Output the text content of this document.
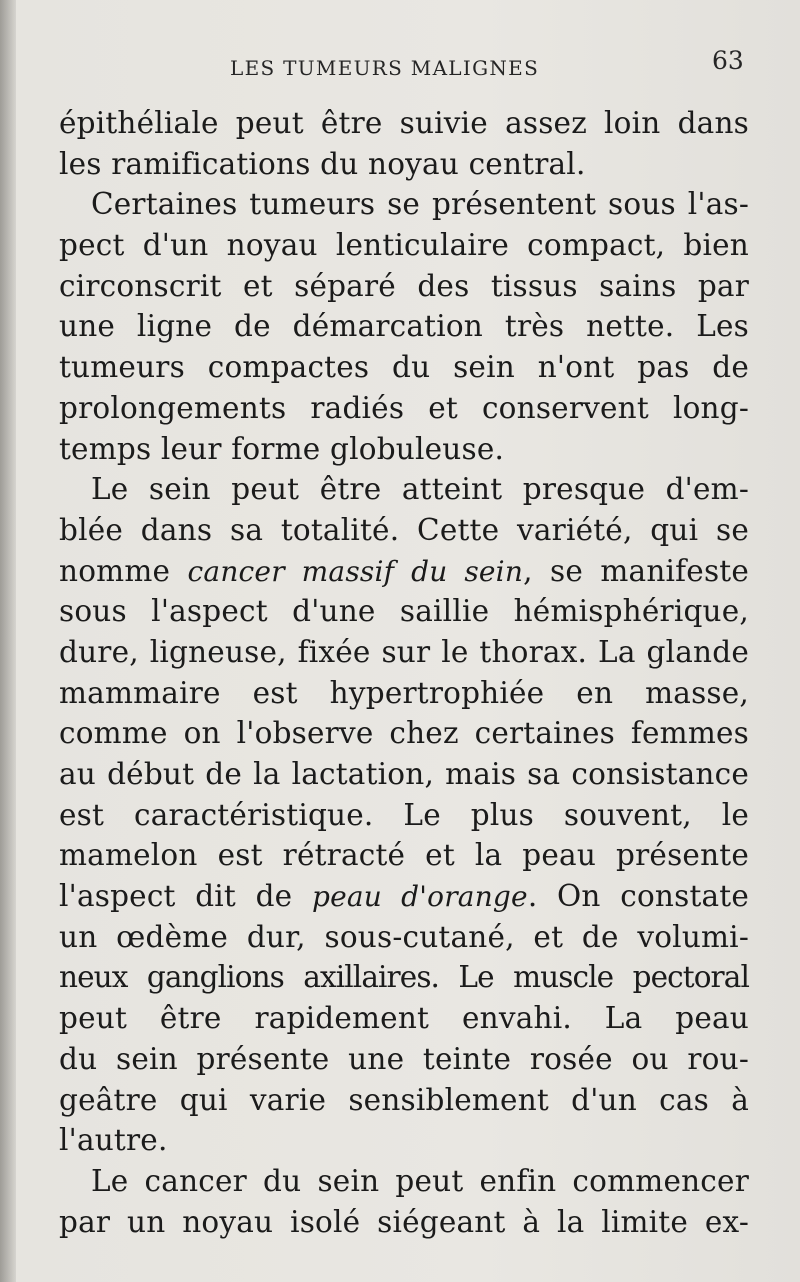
LES TUMEURS MALIGNES	63
épithéliale peut être suivie assez loin dans
les ramifications du noyau central.
Certaines tumeurs se présentent sous l'as-
pect d'un noyau lenticulaire compact, bien
circonscrit et séparé des tissus sains par
une ligne de démarcation très nette. Les
tumeurs compactes du sein n'ont pas de
prolongements radiés et conservent long-
temps leur forme globuleuse.
Le sein peut être atteint presque d'em-
blée dans sa totalité. Cette variété, qui se
nomme cancer massif du sein, se manifeste
sous l'aspect d'une saillie hémisphérique,
dure, ligneuse, fixée sur le thorax. La glande
mammaire est hypertrophiée en masse,
comme on l'observe chez certaines femmes
au début de la lactation, mais sa consistance
est caractéristique. Le plus souvent, le
mamelon est rétracté et la peau présente
l'aspect dit de peau d'orange. On constate
un œdème dur, sous-cutané, et de volumi-
neux ganglions axillaires. Le muscle pectoral
peut être rapidement envahi. La peau
du sein présente une teinte rosée ou rou-
geâtre qui varie sensiblement d'un cas à
l'autre.
Le cancer du sein peut enfin commencer
par un noyau isolé siégeant à la limite ex-
